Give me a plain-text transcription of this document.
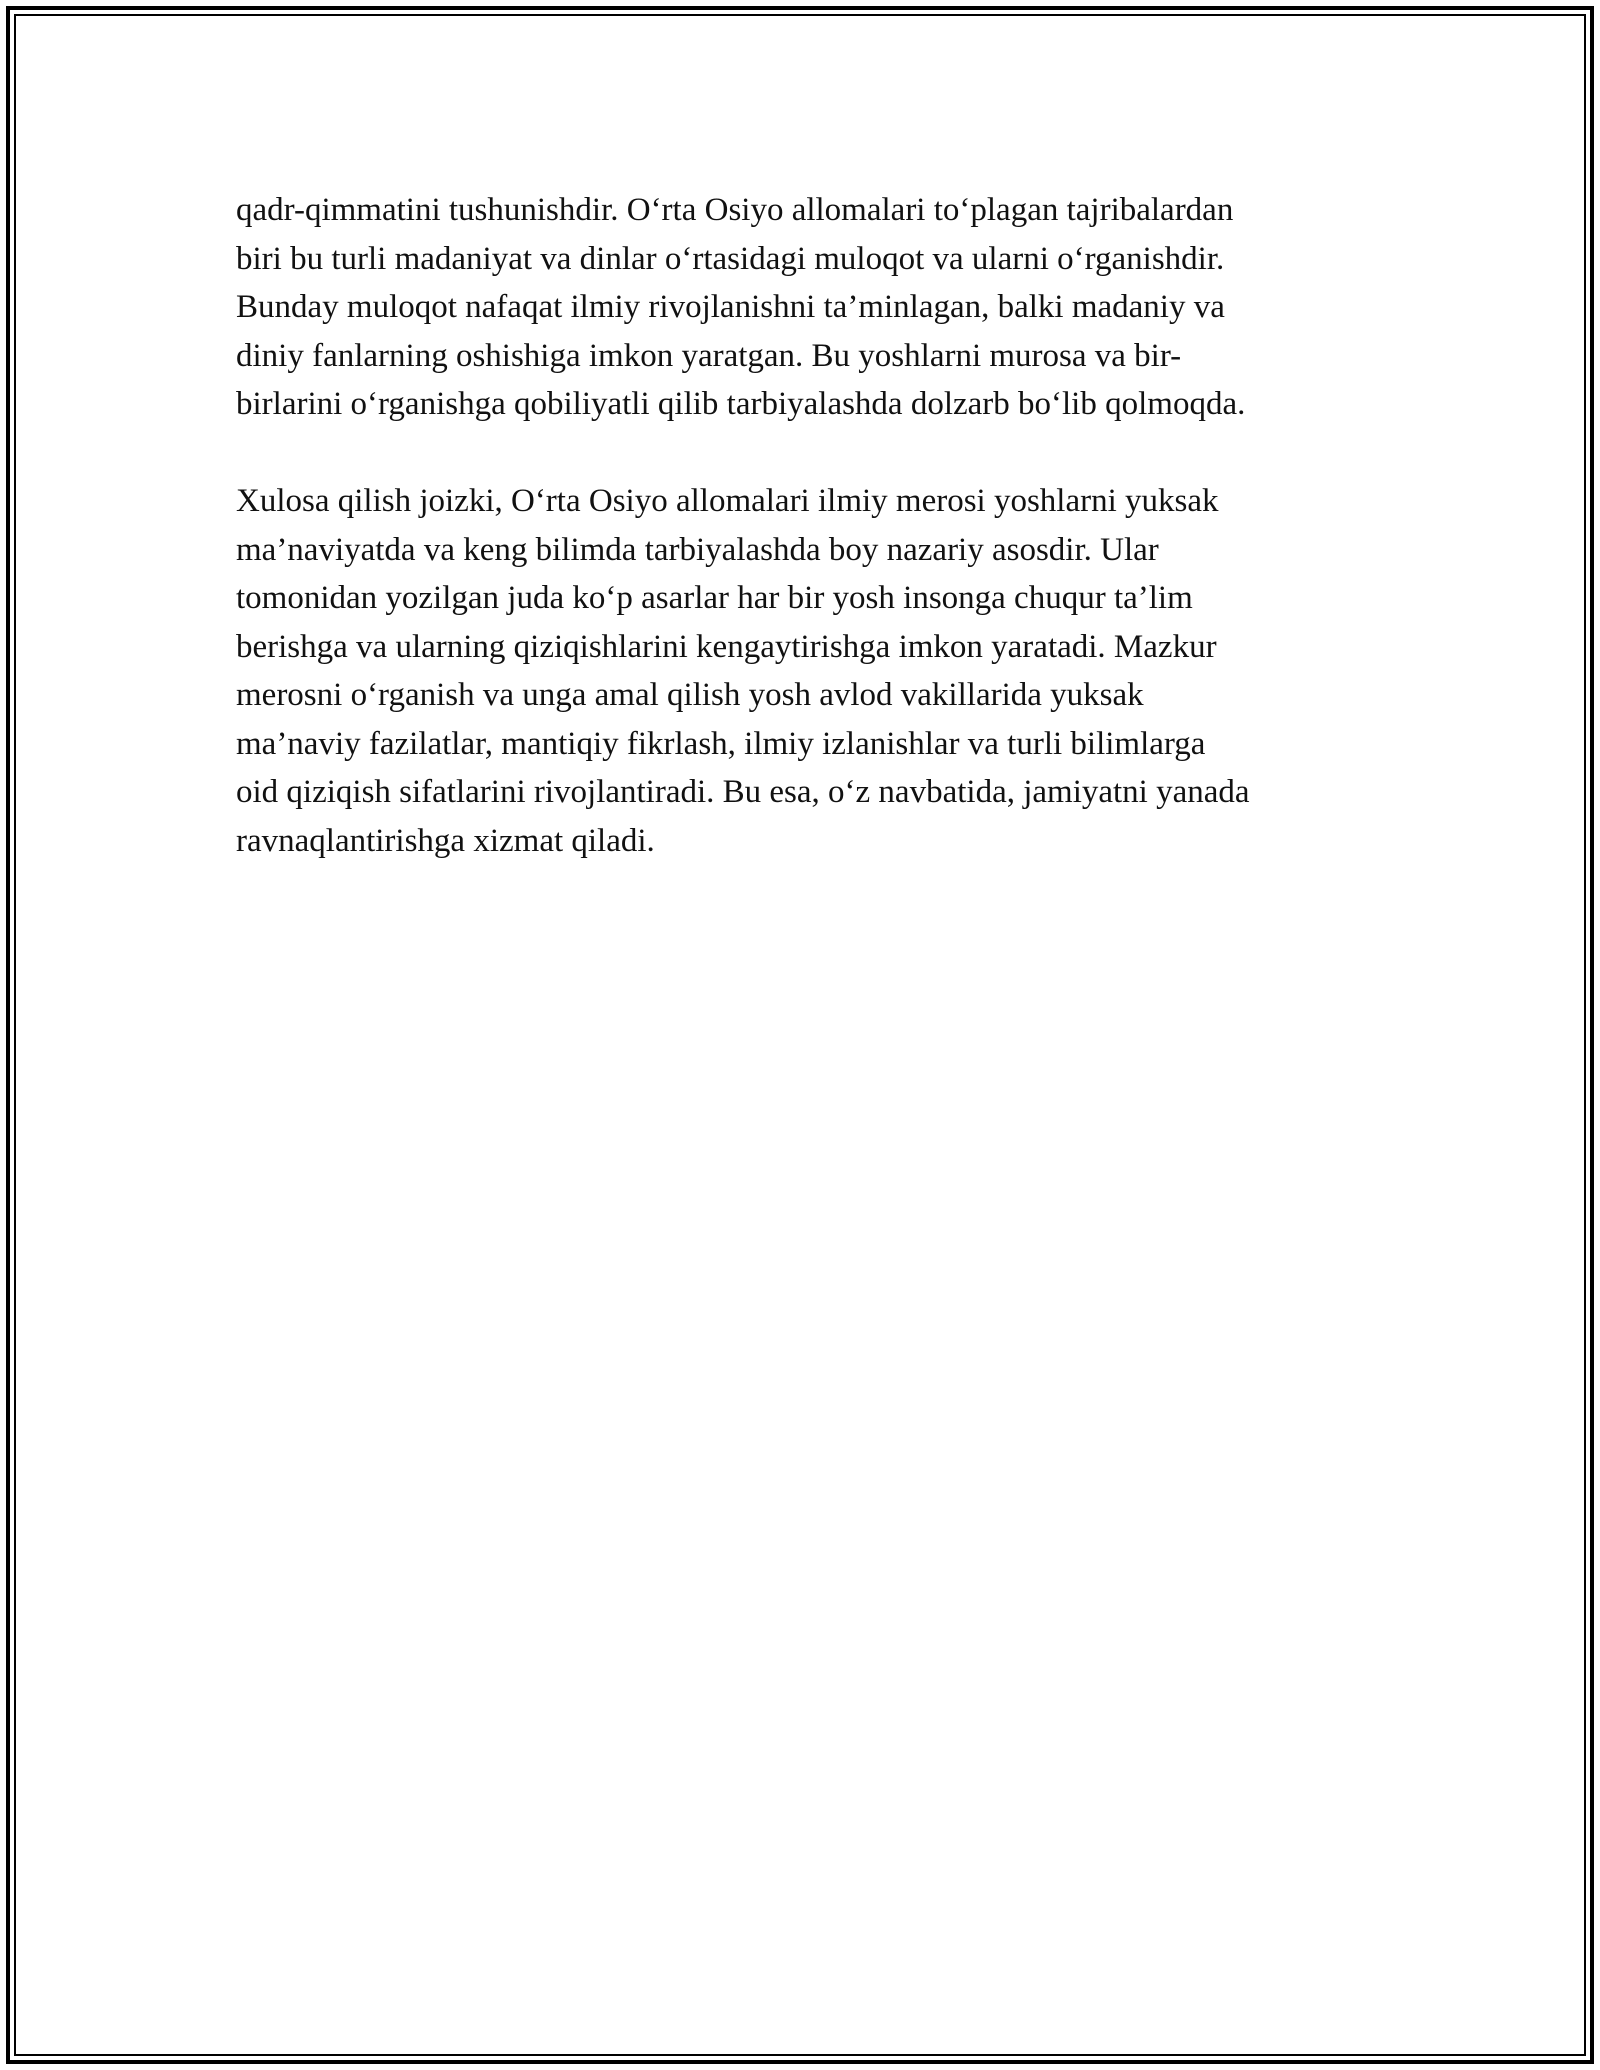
qadr-qimmatini tushunishdir. O‘rta Osiyo allomalari to‘plagan tajribalardan
biri bu turli madaniyat va dinlar o‘rtasidagi muloqot va ularni o‘rganishdir.
Bunday muloqot nafaqat ilmiy rivojlanishni ta’minlagan, balki madaniy va
diniy fanlarning oshishiga imkon yaratgan. Bu yoshlarni murosa va bir-
birlarini o‘rganishga qobiliyatli qilib tarbiyalashda dolzarb bo‘lib qolmoqda.

Xulosa qilish joizki, O‘rta Osiyo allomalari ilmiy merosi yoshlarni yuksak
ma’naviyatda va keng bilimda tarbiyalashda boy nazariy asosdir. Ular
tomonidan yozilgan juda ko‘p asarlar har bir yosh insonga chuqur ta’lim
berishga va ularning qiziqishlarini kengaytirishga imkon yaratadi. Mazkur
merosni o‘rganish va unga amal qilish yosh avlod vakillarida yuksak
ma’naviy fazilatlar, mantiqiy fikrlash, ilmiy izlanishlar va turli bilimlarga
oid qiziqish sifatlarini rivojlantiradi. Bu esa, o‘z navbatida, jamiyatni yanada
ravnaqlantirishga xizmat qiladi.
